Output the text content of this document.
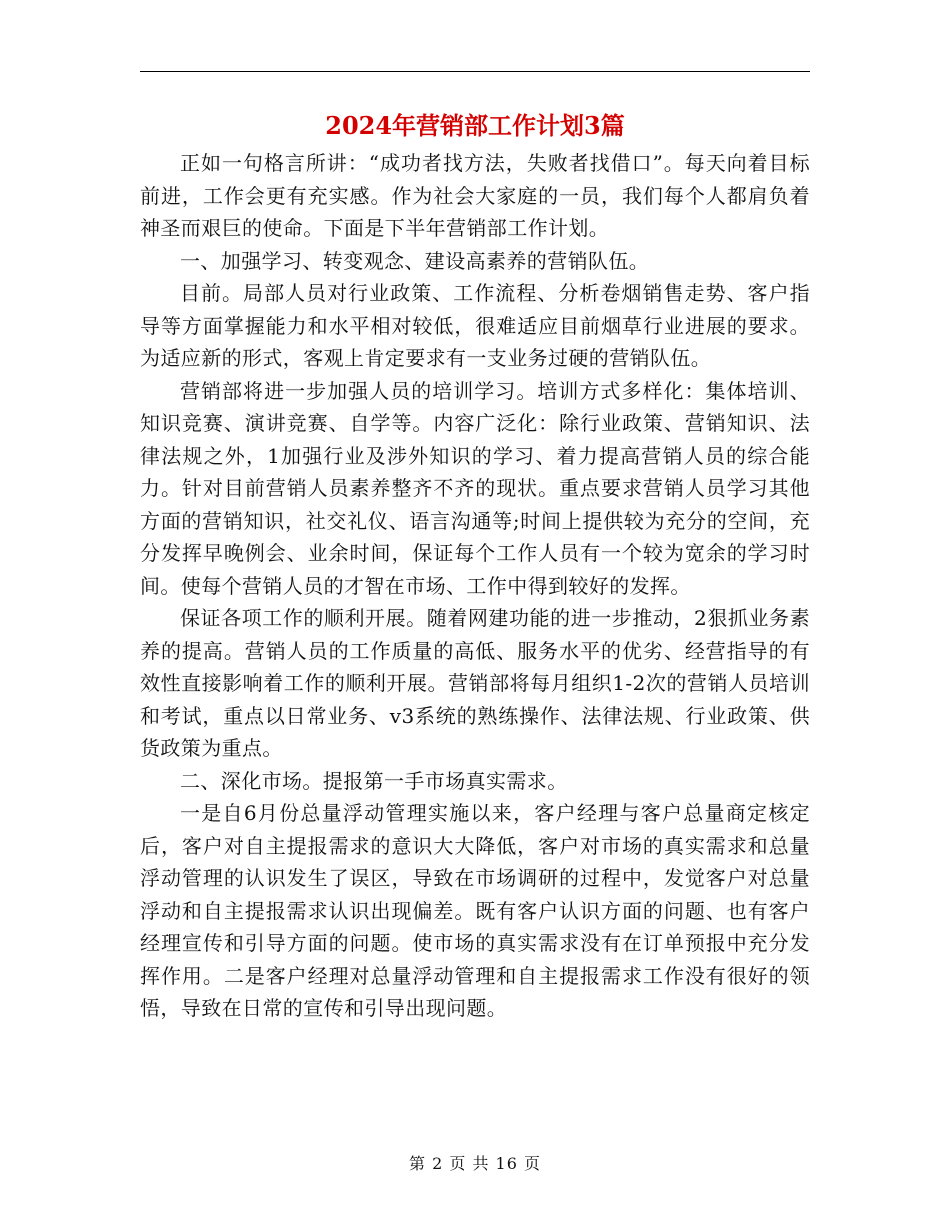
2024年营销部工作计划3篇

正如一句格言所讲：“成功者找方法，失败者找借口”。每天向着目标前进，工作会更有充实感。作为社会大家庭的一员，我们每个人都肩负着神圣而艰巨的使命。下面是下半年营销部工作计划。

一、加强学习、转变观念、建设高素养的营销队伍。

目前。局部人员对行业政策、工作流程、分析卷烟销售走势、客户指导等方面掌握能力和水平相对较低，很难适应目前烟草行业进展的要求。为适应新的形式，客观上肯定要求有一支业务过硬的营销队伍。

营销部将进一步加强人员的培训学习。培训方式多样化：集体培训、知识竞赛、演讲竞赛、自学等。内容广泛化：除行业政策、营销知识、法律法规之外，1加强行业及涉外知识的学习、着力提高营销人员的综合能力。针对目前营销人员素养整齐不齐的现状。重点要求营销人员学习其他方面的营销知识，社交礼仪、语言沟通等;时间上提供较为充分的空间，充分发挥早晚例会、业余时间，保证每个工作人员有一个较为宽余的学习时间。使每个营销人员的才智在市场、工作中得到较好的发挥。

保证各项工作的顺利开展。随着网建功能的进一步推动，2狠抓业务素养的提高。营销人员的工作质量的高低、服务水平的优劣、经营指导的有效性直接影响着工作的顺利开展。营销部将每月组织1-2次的营销人员培训和考试，重点以日常业务、v3系统的熟练操作、法律法规、行业政策、供货政策为重点。

二、深化市场。提报第一手市场真实需求。

一是自6月份总量浮动管理实施以来，客户经理与客户总量商定核定后，客户对自主提报需求的意识大大降低，客户对市场的真实需求和总量浮动管理的认识发生了误区，导致在市场调研的过程中，发觉客户对总量浮动和自主提报需求认识出现偏差。既有客户认识方面的问题、也有客户经理宣传和引导方面的问题。使市场的真实需求没有在订单预报中充分发挥作用。二是客户经理对总量浮动管理和自主提报需求工作没有很好的领悟，导致在日常的宣传和引导出现问题。

第 2 页 共 16 页
